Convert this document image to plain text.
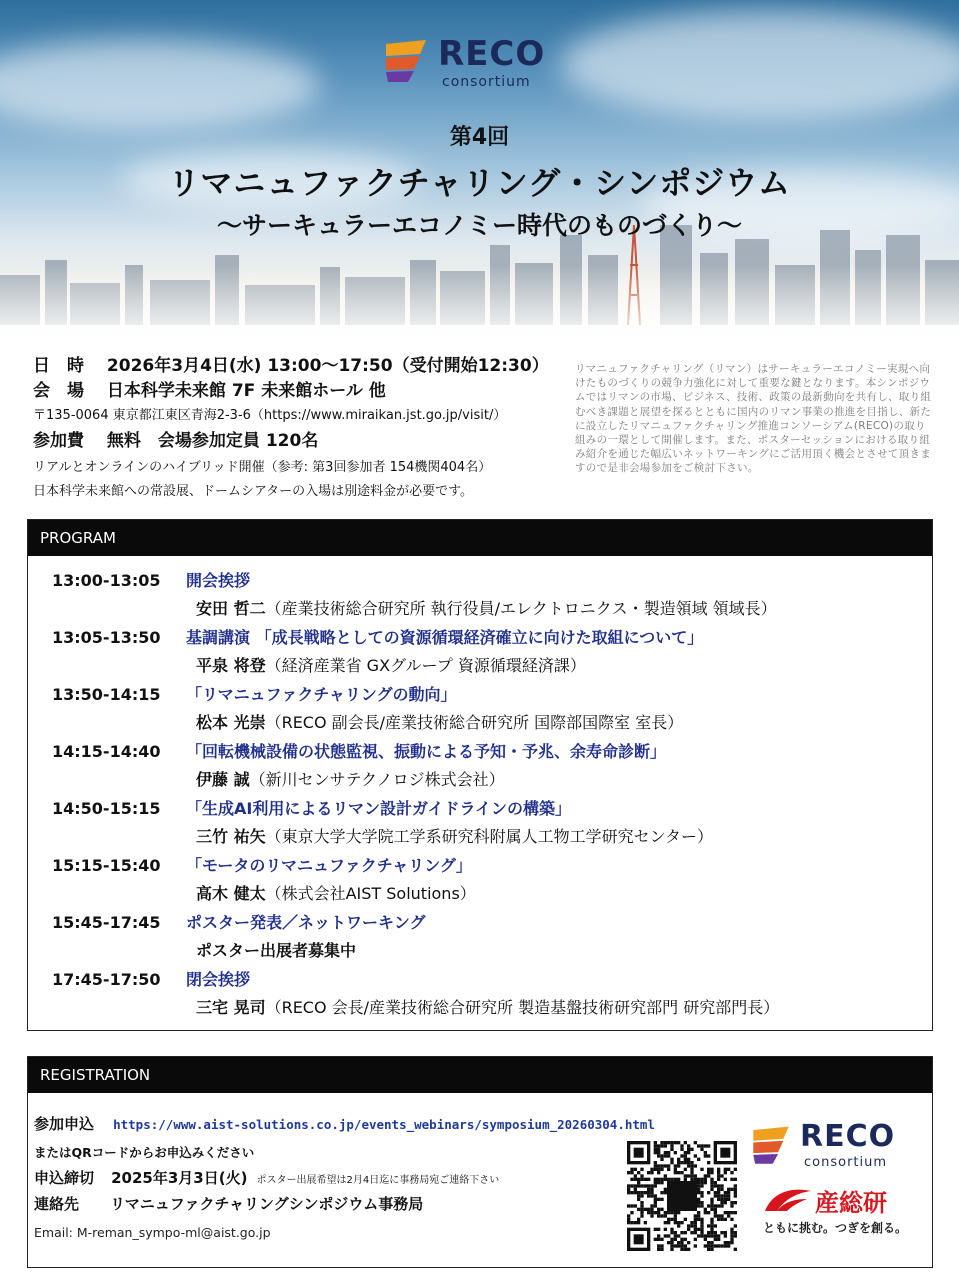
RECO
consortium
第4回
リマニュファクチャリング・シンポジウム
〜サーキュラーエコノミー時代のものづくり〜
日　時 2026年3月4日(水) 13:00〜17:50（受付開始12:30）
会　場 日本科学未来館 7F 未来館ホール 他
〒135-0064 東京都江東区青海2-3-6（https://www.miraikan.jst.go.jp/visit/）
参加費 無料　会場参加定員 120名
リアルとオンラインのハイブリッド開催（参考: 第3回参加者 154機関404名）
日本科学未来館への常設展、ドームシアターの入場は別途料金が必要です。
リマニュファクチャリング（リマン）はサーキュラーエコノミー実現へ向けたものづくりの競争力強化に対して重要な鍵となります。本シンポジウムではリマンの市場、ビジネス、技術、政策の最新動向を共有し、取り組むべき課題と展望を探るとともに国内のリマン事業の推進を目指し、新たに設立したリマニュファクチャリング推進コンソーシアム(RECO)の取り組みの一環として開催します。また、ポスターセッションにおける取り組み紹介を通じた幅広いネットワーキングにご活用頂く機会とさせて頂きますので是非会場参加をご検討下さい。
PROGRAM
13:00-13:05 開会挨拶
安田 哲二（産業技術総合研究所 執行役員/エレクトロニクス・製造領域 領域長）
13:05-13:50 基調講演 「成長戦略としての資源循環経済確立に向けた取組について」
平泉 将登（経済産業省 GXグループ 資源循環経済課）
13:50-14:15 「リマニュファクチャリングの動向」
松本 光崇（RECO 副会長/産業技術総合研究所 国際部国際室 室長）
14:15-14:40 「回転機械設備の状態監視、振動による予知・予兆、余寿命診断」
伊藤 誠（新川センサテクノロジ株式会社）
14:50-15:15 「生成AI利用によるリマン設計ガイドラインの構築」
三竹 祐矢（東京大学大学院工学系研究科附属人工物工学研究センター）
15:15-15:40 「モータのリマニュファクチャリング」
高木 健太（株式会社AIST Solutions）
15:45-17:45 ポスター発表／ネットワーキング
ポスター出展者募集中
17:45-17:50 閉会挨拶
三宅 晃司（RECO 会長/産業技術総合研究所 製造基盤技術研究部門 研究部門長）
REGISTRATION
参加申込 https://www.aist-solutions.co.jp/events_webinars/symposium_20260304.html
またはQRコードからお申込みください
申込締切 2025年3月3日(火) ポスター出展希望は2月4日迄に事務局宛ご連絡下さい
連絡先 リマニュファクチャリングシンポジウム事務局
Email: M-reman_sympo-ml@aist.go.jp
RECO
consortium
産総研
ともに挑む。つぎを創る。
